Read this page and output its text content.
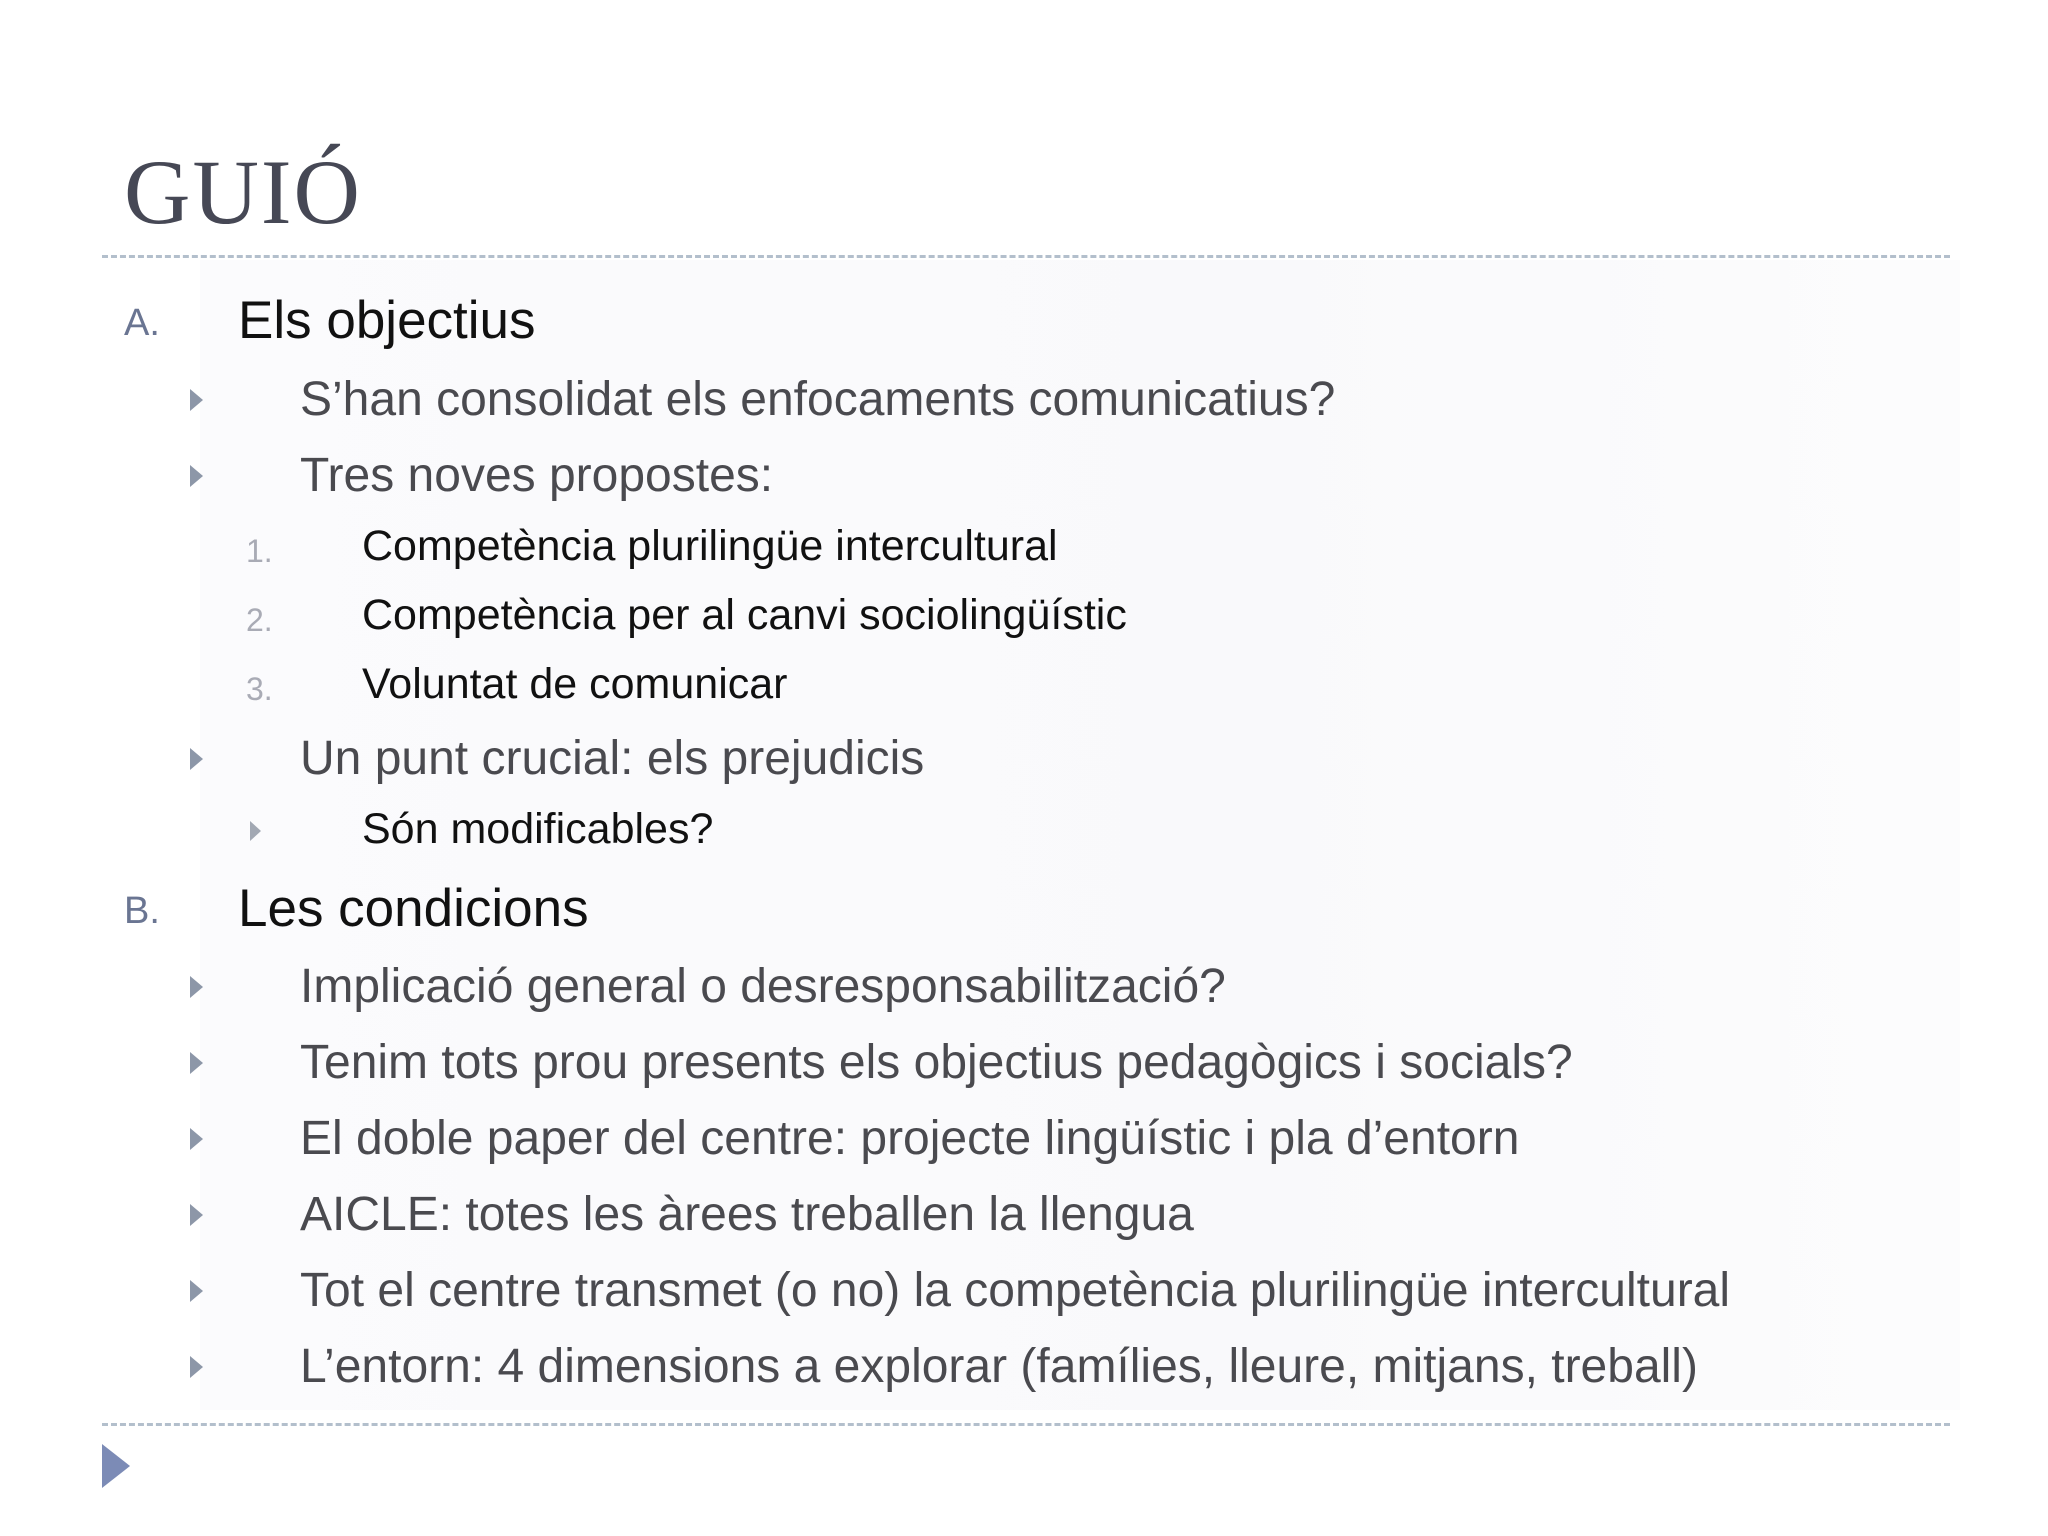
GUIÓ
A. Els objectius
S’han consolidat els enfocaments comunicatius?
Tres noves propostes:
1. Competència plurilingüe intercultural
2. Competència per al canvi sociolingüístic
3. Voluntat de comunicar
Un punt crucial: els prejudicis
Són modificables?
B. Les condicions
Implicació general o desresponsabilització?
Tenim tots prou presents els objectius pedagògics i socials?
El doble paper del centre: projecte lingüístic i pla d’entorn
AICLE: totes les àrees treballen la llengua
Tot el centre transmet (o no) la competència plurilingüe intercultural
L’entorn: 4 dimensions a explorar (famílies, lleure, mitjans, treball)
